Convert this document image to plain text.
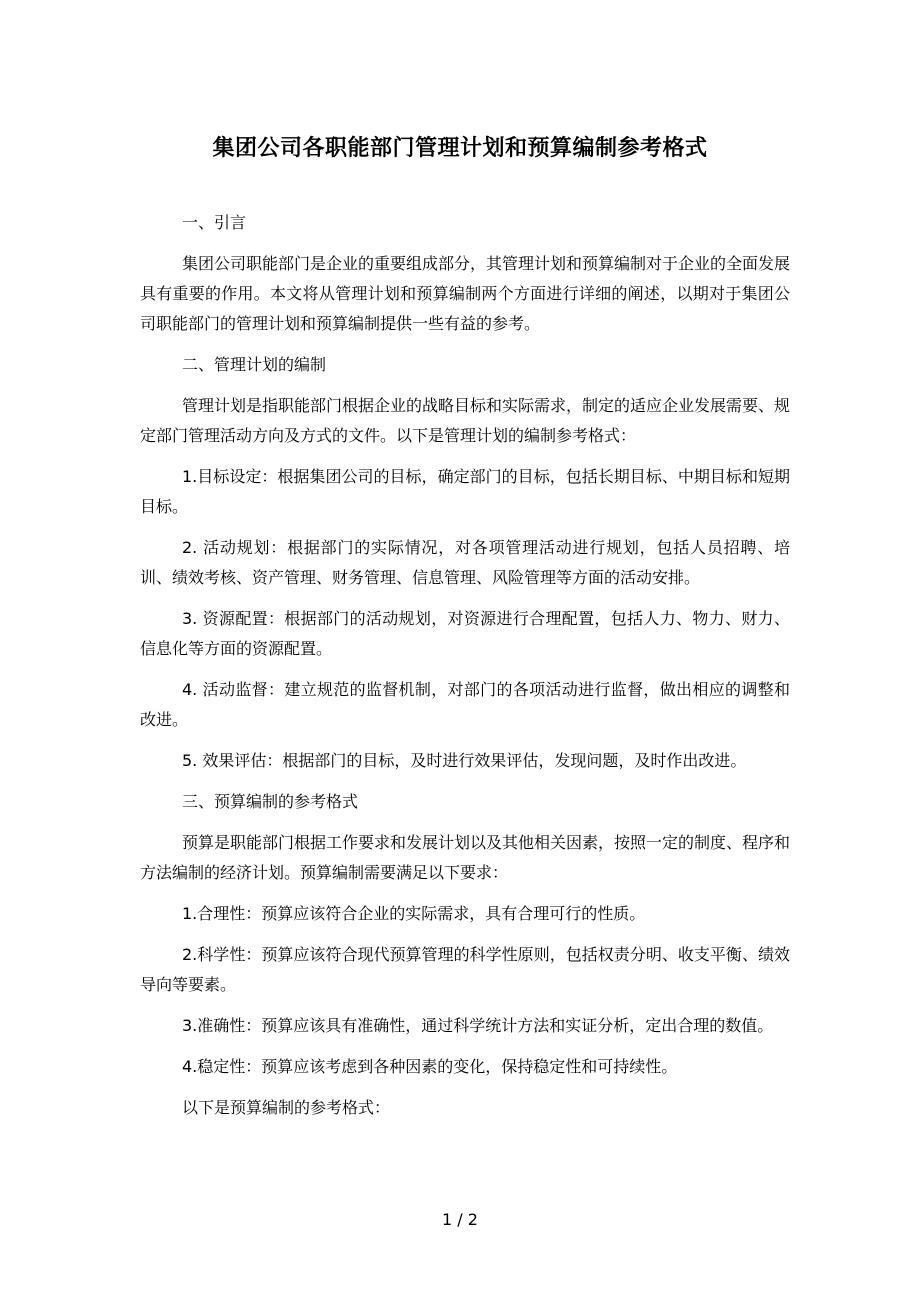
集团公司各职能部门管理计划和预算编制参考格式

一、引言

集团公司职能部门是企业的重要组成部分，其管理计划和预算编制对于企业的全面发展具有重要的作用。本文将从管理计划和预算编制两个方面进行详细的阐述，以期对于集团公司职能部门的管理计划和预算编制提供一些有益的参考。

二、管理计划的编制

管理计划是指职能部门根据企业的战略目标和实际需求，制定的适应企业发展需要、规定部门管理活动方向及方式的文件。以下是管理计划的编制参考格式：

1.目标设定：根据集团公司的目标，确定部门的目标，包括长期目标、中期目标和短期目标。

2. 活动规划：根据部门的实际情况，对各项管理活动进行规划，包括人员招聘、培训、绩效考核、资产管理、财务管理、信息管理、风险管理等方面的活动安排。

3. 资源配置：根据部门的活动规划，对资源进行合理配置，包括人力、物力、财力、信息化等方面的资源配置。

4. 活动监督：建立规范的监督机制，对部门的各项活动进行监督，做出相应的调整和改进。

5. 效果评估：根据部门的目标，及时进行效果评估，发现问题，及时作出改进。

三、预算编制的参考格式

预算是职能部门根据工作要求和发展计划以及其他相关因素，按照一定的制度、程序和方法编制的经济计划。预算编制需要满足以下要求：

1.合理性：预算应该符合企业的实际需求，具有合理可行的性质。

2.科学性：预算应该符合现代预算管理的科学性原则，包括权责分明、收支平衡、绩效导向等要素。

3.准确性：预算应该具有准确性，通过科学统计方法和实证分析，定出合理的数值。

4.稳定性：预算应该考虑到各种因素的变化，保持稳定性和可持续性。

以下是预算编制的参考格式：

1 / 2
